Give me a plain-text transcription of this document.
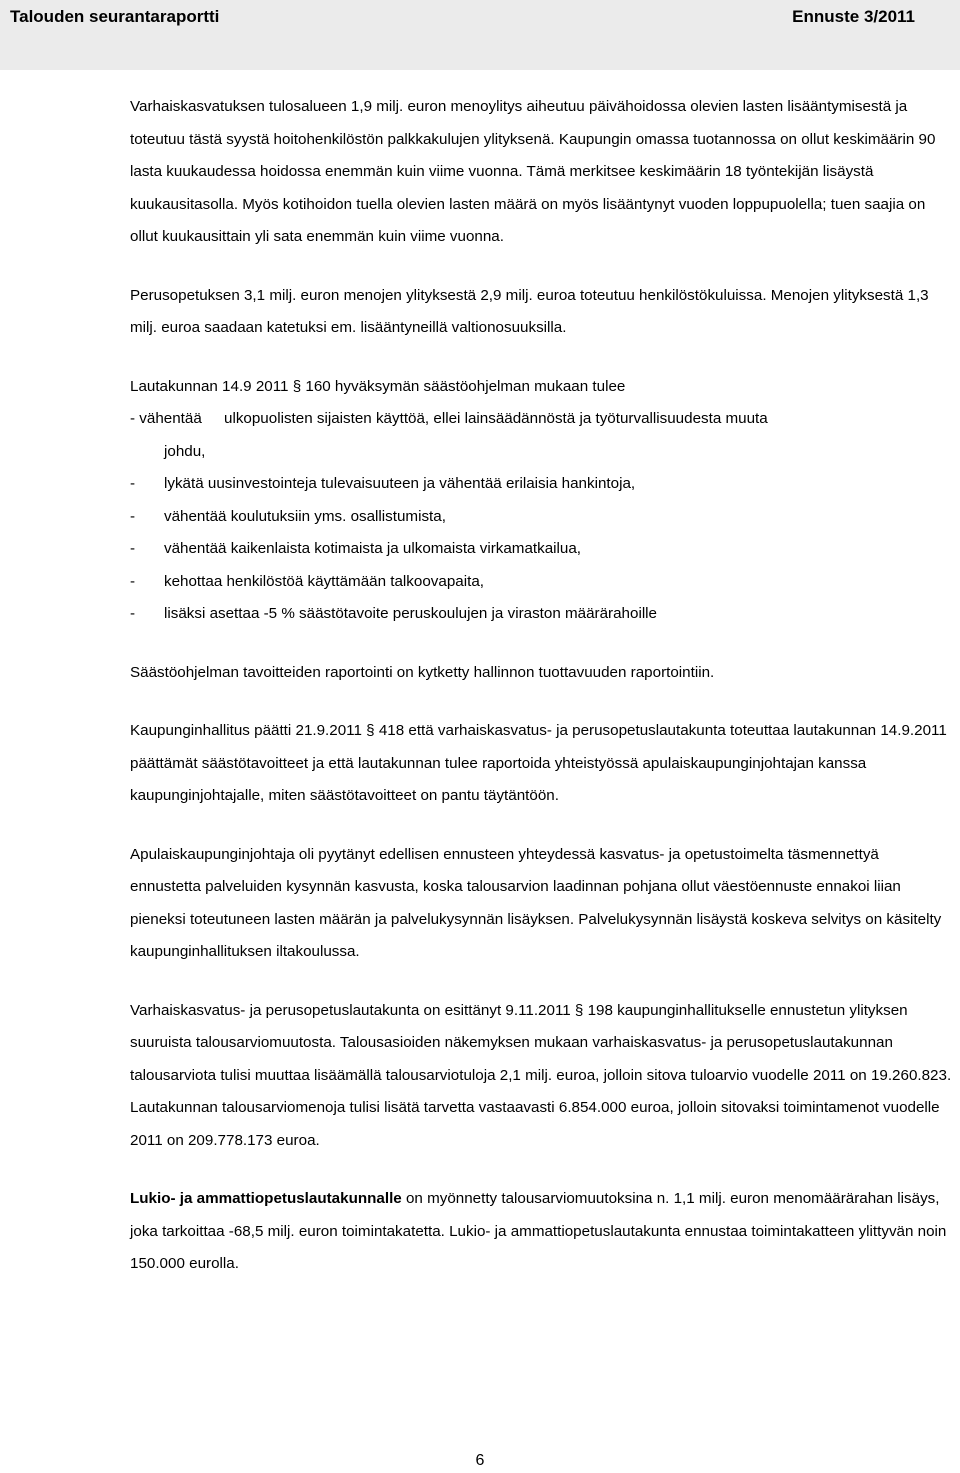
Talouden seurantaraportti	Ennuste 3/2011

Varhaiskasvatuksen tulosalueen 1,9 milj. euron menoylitys aiheutuu päivähoidossa olevien lasten lisääntymisestä ja toteutuu tästä syystä hoitohenkilöstön palkkakulujen ylityksenä. Kaupungin omassa tuotannossa on ollut keskimäärin 90 lasta kuukaudessa hoidossa enemmän kuin viime vuonna. Tämä merkitsee keskimäärin 18 työntekijän lisäystä kuukausitasolla. Myös kotihoidon tuella olevien lasten määrä on myös lisääntynyt vuoden loppupuolella; tuen saajia on ollut kuukausittain yli sata enemmän kuin viime vuonna.

Perusopetuksen 3,1 milj. euron menojen ylityksestä 2,9 milj. euroa toteutuu henkilöstökuluissa. Menojen ylityksestä 1,3 milj. euroa saadaan katetuksi em. lisääntyneillä valtionosuuksilla.

Lautakunnan 14.9 2011 § 160 hyväksymän säästöohjelman mukaan tulee

- vähentää ulkopuolisten sijaisten käyttöä, ellei lainsäädännöstä ja työturvallisuudesta muuta
johdu,
-	lykätä uusinvestointeja tulevaisuuteen ja vähentää erilaisia hankintoja,
-	vähentää koulutuksiin yms. osallistumista,
-	vähentää kaikenlaista kotimaista ja ulkomaista virkamatkailua,
-	kehottaa henkilöstöä käyttämään talkoovapaita,
-	lisäksi asettaa -5 % säästötavoite peruskoulujen ja viraston määrärahoille

Säästöohjelman tavoitteiden raportointi on kytketty hallinnon tuottavuuden raportointiin.

Kaupunginhallitus päätti 21.9.2011 § 418 että varhaiskasvatus- ja perusopetuslautakunta toteuttaa lautakunnan 14.9.2011 päättämät säästötavoitteet ja että lautakunnan tulee raportoida yhteistyössä apulaiskaupunginjohtajan kanssa kaupunginjohtajalle, miten säästötavoitteet on pantu täytäntöön.

Apulaiskaupunginjohtaja oli pyytänyt edellisen ennusteen yhteydessä kasvatus- ja opetustoimelta täsmennettyä ennustetta palveluiden kysynnän kasvusta, koska talousarvion laadinnan pohjana ollut väestöennuste ennakoi liian pieneksi toteutuneen lasten määrän ja palvelukysynnän lisäyksen. Palvelukysynnän lisäystä koskeva selvitys on käsitelty kaupunginhallituksen iltakoulussa.

Varhaiskasvatus- ja perusopetuslautakunta on esittänyt 9.11.2011 § 198 kaupunginhallitukselle ennustetun ylityksen suuruista talousarviomuutosta. Talousasioiden näkemyksen mukaan varhaiskasvatus- ja perusopetuslautakunnan talousarviota tulisi muuttaa lisäämällä talousarviotuloja 2,1 milj. euroa, jolloin sitova tuloarvio vuodelle 2011 on 19.260.823. Lautakunnan talousarviomenoja tulisi lisätä tarvetta vastaavasti 6.854.000 euroa, jolloin sitovaksi toimintamenot vuodelle 2011 on 209.778.173 euroa.

Lukio- ja ammattiopetuslautakunnalle on myönnetty talousarviomuutoksina n. 1,1 milj. euron menomäärärahan lisäys, joka tarkoittaa -68,5 milj. euron toimintakatetta. Lukio- ja ammattiopetuslautakunta ennustaa toimintakatteen ylittyvän noin 150.000 eurolla.

6
